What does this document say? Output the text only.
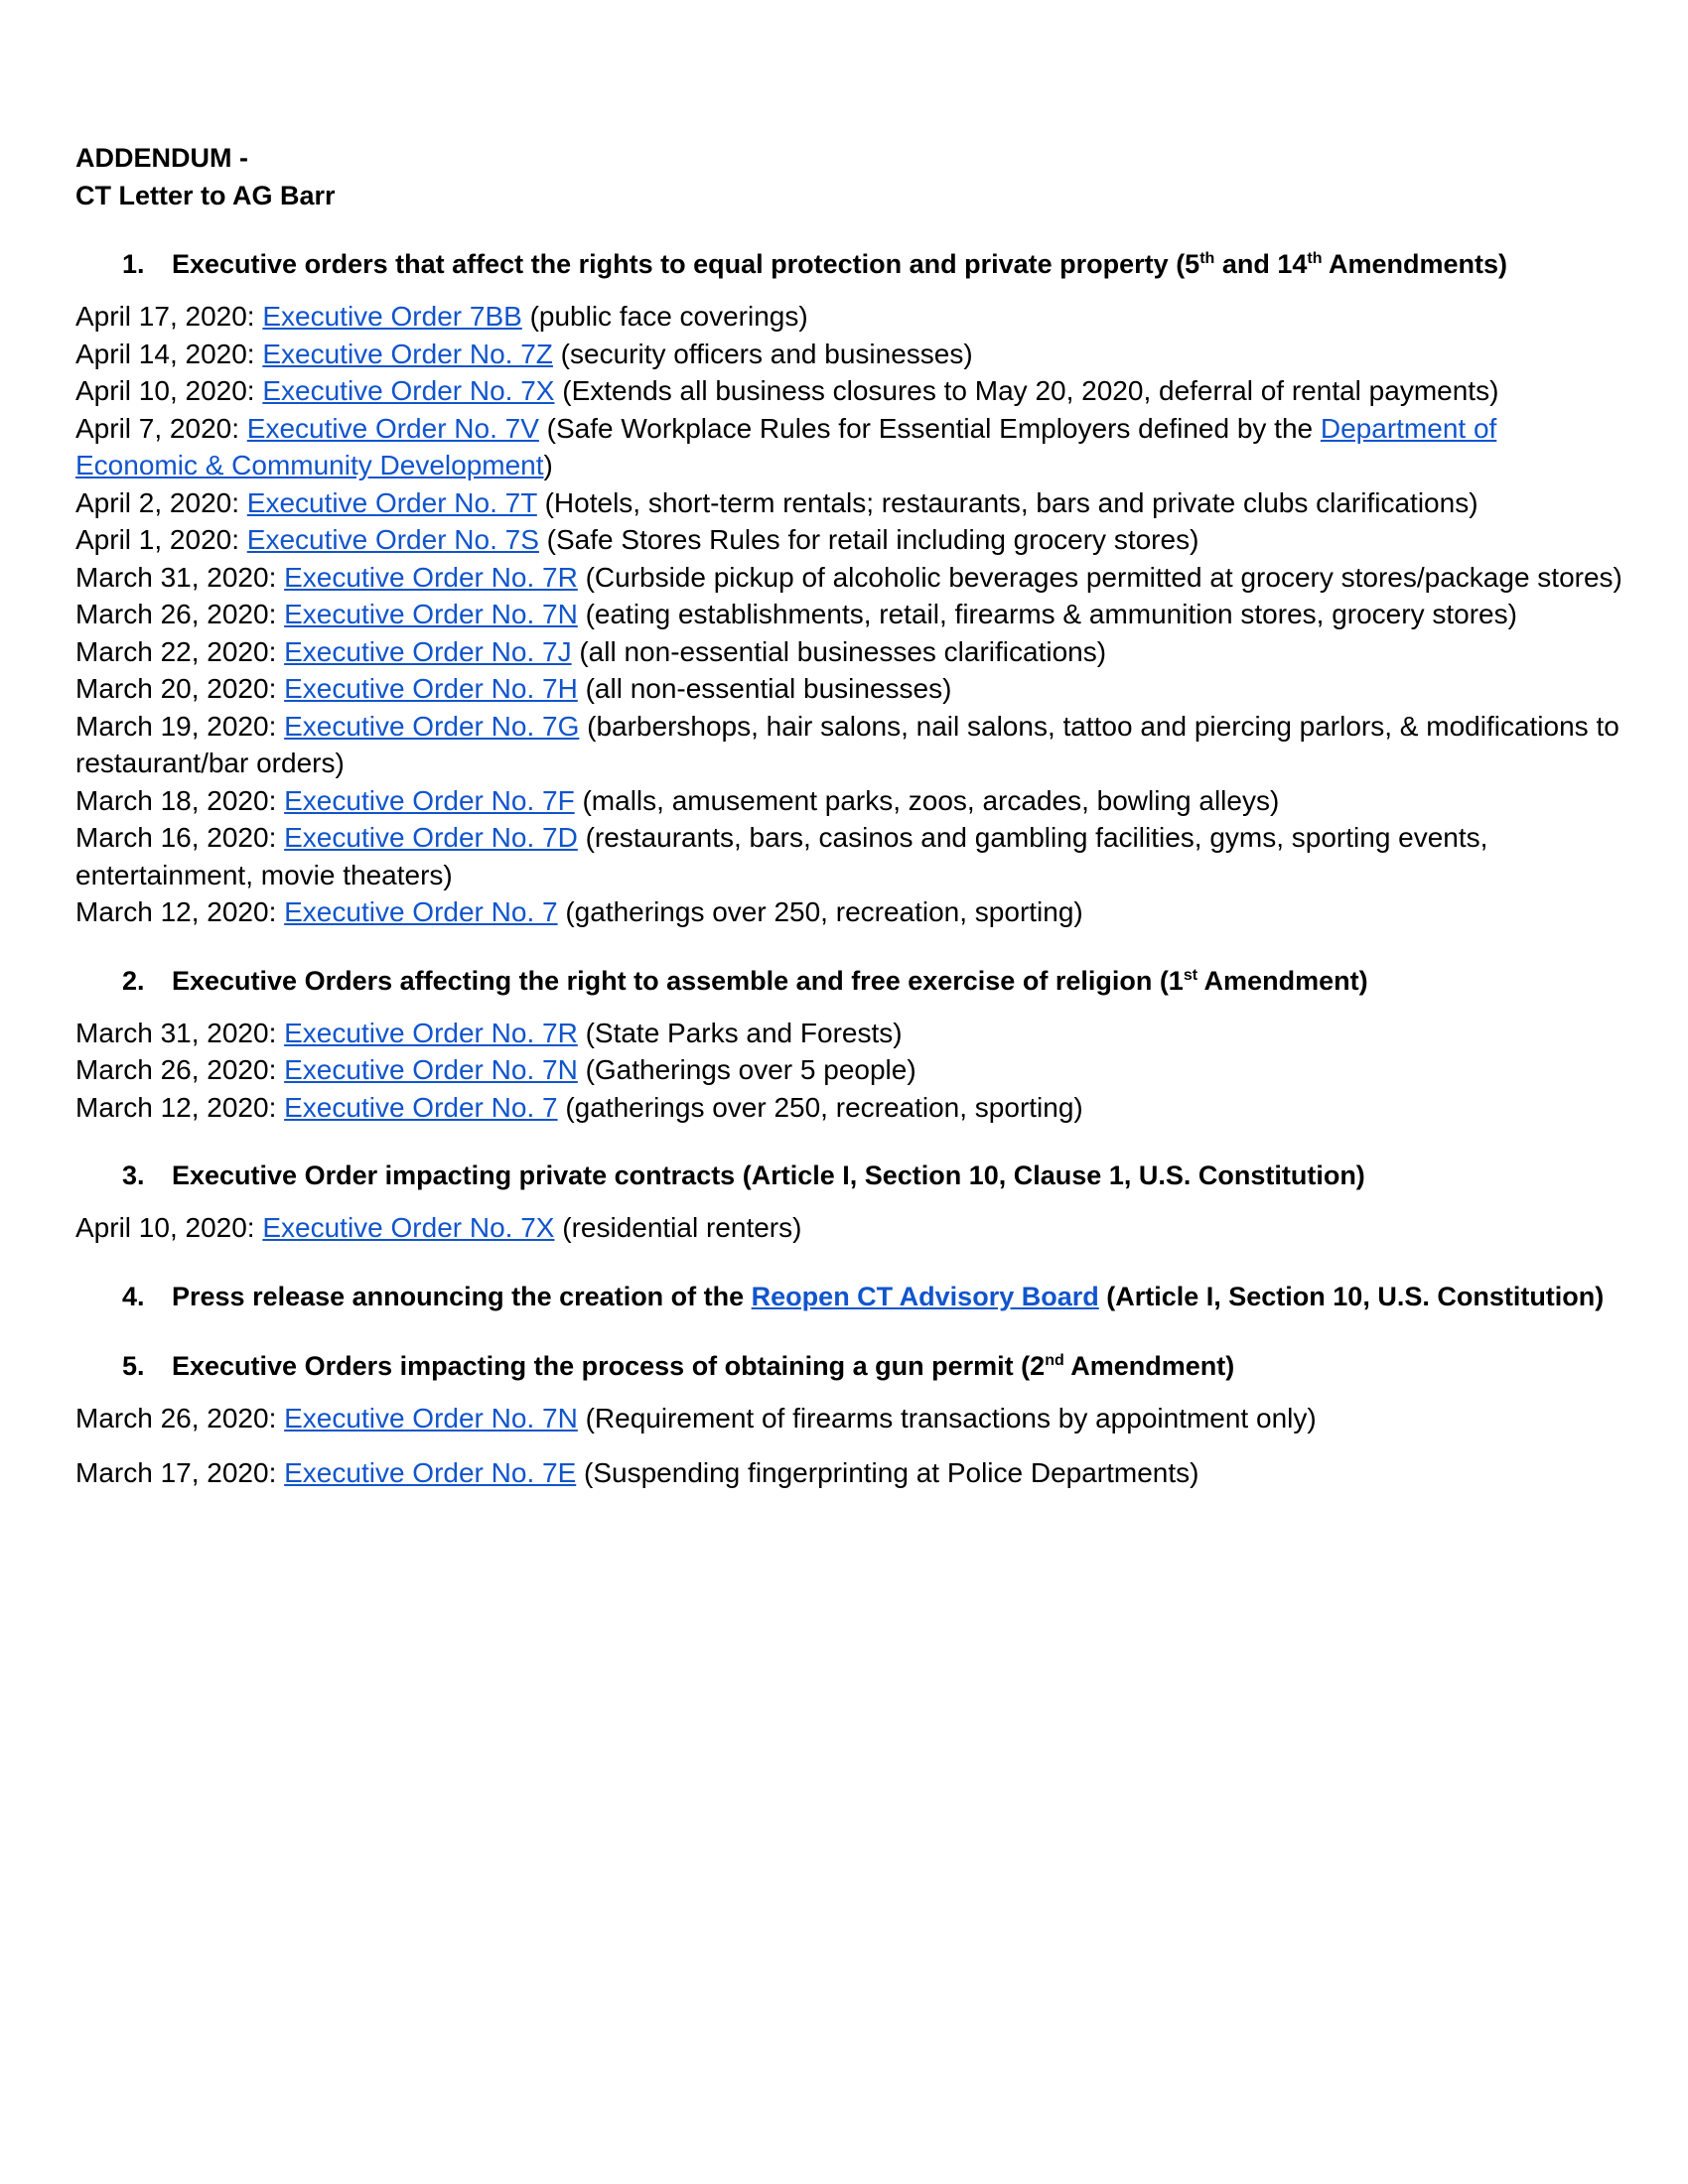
ADDENDUM -
CT Letter to AG Barr
1. Executive orders that affect the rights to equal protection and private property (5th and 14th Amendments)
April 17, 2020: Executive Order 7BB (public face coverings)
April 14, 2020: Executive Order No. 7Z (security officers and businesses)
April 10, 2020: Executive Order No. 7X (Extends all business closures to May 20, 2020, deferral of rental payments)
April 7, 2020: Executive Order No. 7V (Safe Workplace Rules for Essential Employers defined by the Department of Economic & Community Development)
April 2, 2020: Executive Order No. 7T (Hotels, short-term rentals; restaurants, bars and private clubs clarifications)
April 1, 2020: Executive Order No. 7S (Safe Stores Rules for retail including grocery stores)
March 31, 2020: Executive Order No. 7R (Curbside pickup of alcoholic beverages permitted at grocery stores/package stores)
March 26, 2020: Executive Order No. 7N (eating establishments, retail, firearms & ammunition stores, grocery stores)
March 22, 2020: Executive Order No. 7J (all non-essential businesses clarifications)
March 20, 2020: Executive Order No. 7H (all non-essential businesses)
March 19, 2020: Executive Order No. 7G (barbershops, hair salons, nail salons, tattoo and piercing parlors, & modifications to restaurant/bar orders)
March 18, 2020: Executive Order No. 7F (malls, amusement parks, zoos, arcades, bowling alleys)
March 16, 2020: Executive Order No. 7D (restaurants, bars, casinos and gambling facilities, gyms, sporting events, entertainment, movie theaters)
March 12, 2020: Executive Order No. 7 (gatherings over 250, recreation, sporting)
2. Executive Orders affecting the right to assemble and free exercise of religion (1st Amendment)
March 31, 2020: Executive Order No. 7R (State Parks and Forests)
March 26, 2020: Executive Order No. 7N (Gatherings over 5 people)
March 12, 2020: Executive Order No. 7 (gatherings over 250, recreation, sporting)
3. Executive Order impacting private contracts (Article I, Section 10, Clause 1, U.S. Constitution)
April 10, 2020: Executive Order No. 7X (residential renters)
4. Press release announcing the creation of the Reopen CT Advisory Board (Article I, Section 10, U.S. Constitution)
5. Executive Orders impacting the process of obtaining a gun permit (2nd Amendment)
March 26, 2020: Executive Order No. 7N (Requirement of firearms transactions by appointment only)
March 17, 2020: Executive Order No. 7E (Suspending fingerprinting at Police Departments)
